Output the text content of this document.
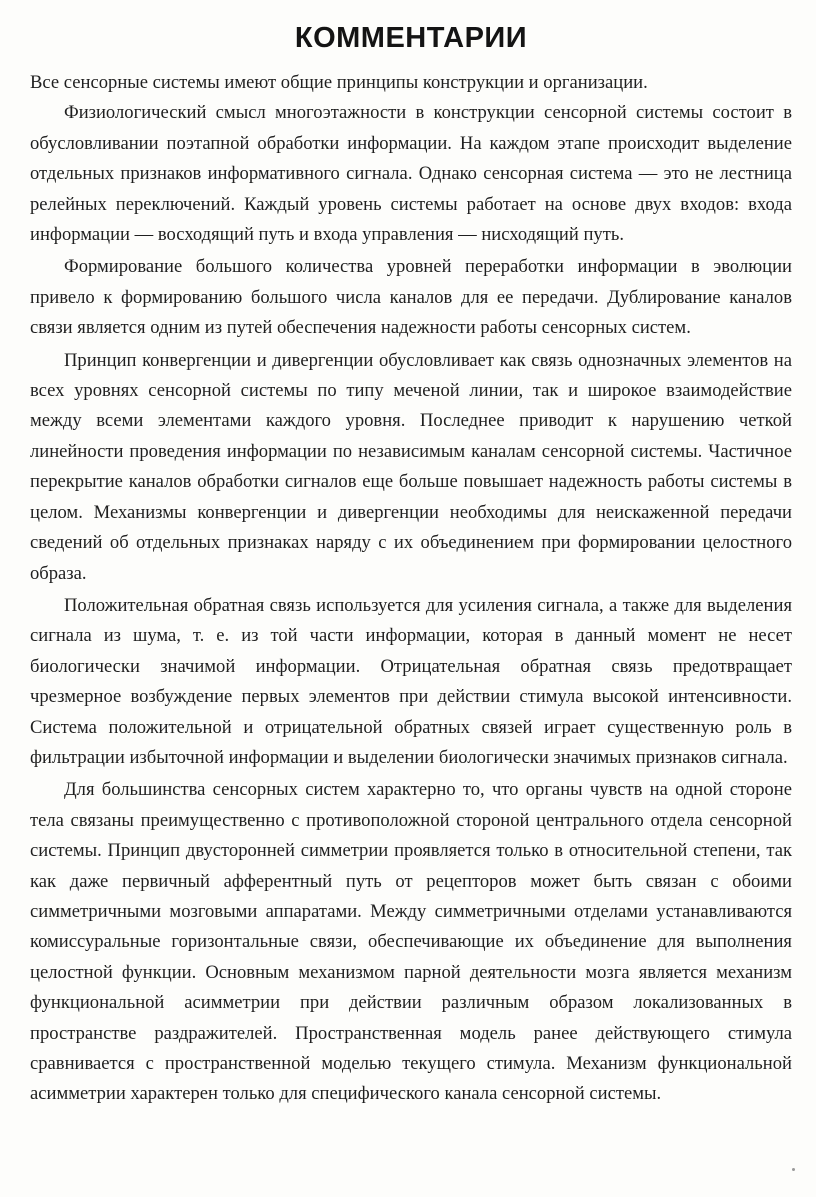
КОММЕНТАРИИ

Все сенсорные системы имеют общие принципы конструкции и организации.

Физиологический смысл многоэтажности в конструкции сенсорной системы состоит в обусловливании поэтапной обработки информации. На каждом этапе происходит выделение отдельных признаков информативного сигнала. Однако сенсорная система — это не лестница релейных переключений. Каждый уровень системы работает на основе двух входов: входа информации — восходящий путь и входа управления — нисходящий путь.

Формирование большого количества уровней переработки информации в эволюции привело к формированию большого числа каналов для ее передачи. Дублирование каналов связи является одним из путей обеспечения надежности работы сенсорных систем.

Принцип конвергенции и дивергенции обусловливает как связь однозначных элементов на всех уровнях сенсорной системы по типу меченой линии, так и широкое взаимодействие между всеми элементами каждого уровня. Последнее приводит к нарушению четкой линейности проведения информации по независимым каналам сенсорной системы. Частичное перекрытие каналов обработки сигналов еще больше повышает надежность работы системы в целом. Механизмы конвергенции и дивергенции необходимы для неискаженной передачи сведений об отдельных признаках наряду с их объединением при формировании целостного образа.

Положительная обратная связь используется для усиления сигнала, а также для выделения сигнала из шума, т. е. из той части информации, которая в данный момент не несет биологически значимой информации. Отрицательная обратная связь предотвращает чрезмерное возбуждение первых элементов при действии стимула высокой интенсивности. Система положительной и отрицательной обратных связей играет существенную роль в фильтрации избыточной информации и выделении биологически значимых признаков сигнала.

Для большинства сенсорных систем характерно то, что органы чувств на одной стороне тела связаны преимущественно с противоположной стороной центрального отдела сенсорной системы. Принцип двусторонней симметрии проявляется только в относительной степени, так как даже первичный афферентный путь от рецепторов может быть связан с обоими симметричными мозговыми аппаратами. Между симметричными отделами устанавливаются комиссуральные горизонтальные связи, обеспечивающие их объединение для выполнения целостной функции. Основным механизмом парной деятельности мозга является механизм функциональной асимметрии при действии различным образом локализованных в пространстве раздражителей. Пространственная модель ранее действующего стимула сравнивается с пространственной моделью текущего стимула. Механизм функциональной асимметрии характерен только для специфического канала сенсорной системы.
